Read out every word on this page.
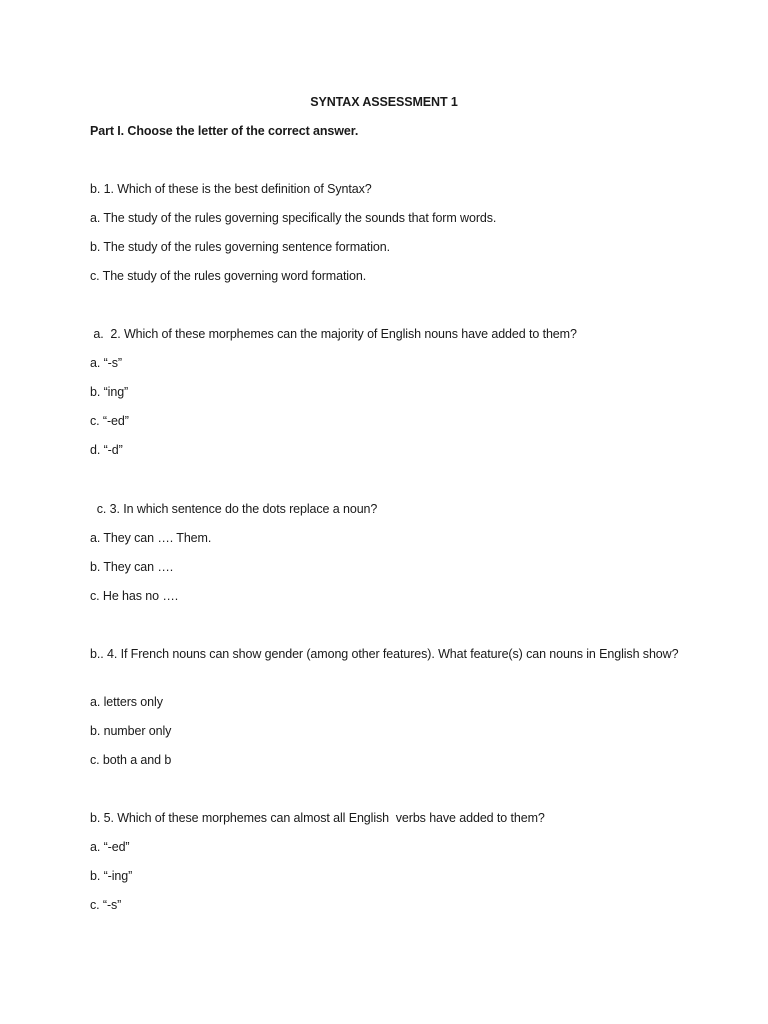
SYNTAX ASSESSMENT 1
Part I. Choose the letter of the correct answer.
b. 1. Which of these is the best definition of Syntax?
a. The study of the rules governing specifically the sounds that form words.
b. The study of the rules governing sentence formation.
c. The study of the rules governing word formation.
a.  2. Which of these morphemes can the majority of English nouns have added to them?
a. “-s”
b. “ing”
c. “-ed”
d. “-d”
c. 3. In which sentence do the dots replace a noun?
a. They can …. Them.
b. They can ….
c. He has no ….
b.. 4. If French nouns can show gender (among other features). What feature(s) can nouns in English show?
a. letters only
b. number only
c. both a and b
b. 5. Which of these morphemes can almost all English  verbs have added to them?
a. “-ed”
b. “-ing”
c. “-s”
